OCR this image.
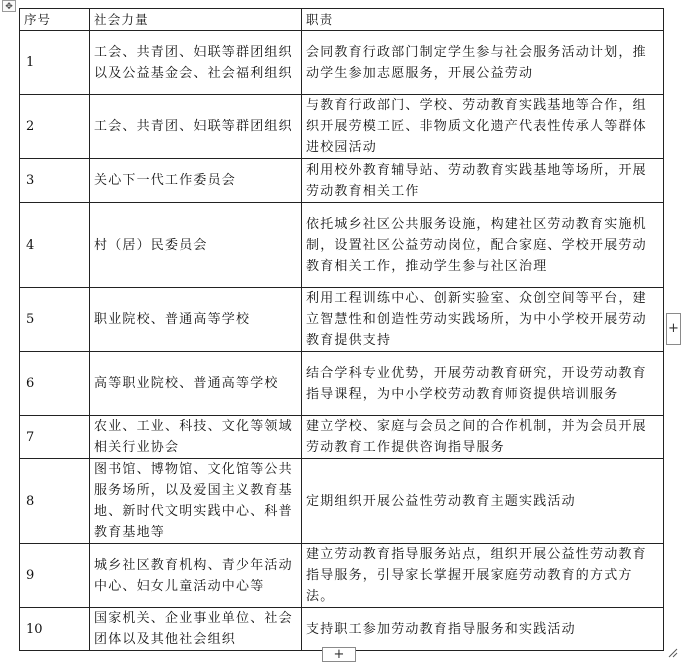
✥
序号	社会力量	职责
1	工会、共青团、妇联等群团组织以及公益基金会、社会福利组织	会同教育行政部门制定学生参与社会服务活动计划，推动学生参加志愿服务，开展公益劳动
2	工会、共青团、妇联等群团组织	与教育行政部门、学校、劳动教育实践基地等合作，组织开展劳模工匠、非物质文化遗产代表性传承人等群体进校园活动
3	关心下一代工作委员会	利用校外教育辅导站、劳动教育实践基地等场所，开展劳动教育相关工作
4	村（居）民委员会	依托城乡社区公共服务设施，构建社区劳动教育实施机制，设置社区公益劳动岗位，配合家庭、学校开展劳动教育相关工作，推动学生参与社区治理
5	职业院校、普通高等学校	利用工程训练中心、创新实验室、众创空间等平台，建立智慧性和创造性劳动实践场所，为中小学校开展劳动教育提供支持
6	高等职业院校、普通高等学校	结合学科专业优势，开展劳动教育研究，开设劳动教育指导课程，为中小学校劳动教育师资提供培训服务
7	农业、工业、科技、文化等领域相关行业协会	建立学校、家庭与会员之间的合作机制，并为会员开展劳动教育工作提供咨询指导服务
8	图书馆、博物馆、文化馆等公共服务场所，以及爱国主义教育基地、新时代文明实践中心、科普教育基地等	定期组织开展公益性劳动教育主题实践活动
9	城乡社区教育机构、青少年活动中心、妇女儿童活动中心等	建立劳动教育指导服务站点，组织开展公益性劳动教育指导服务，引导家长掌握开展家庭劳动教育的方式方法。
10	国家机关、企业事业单位、社会团体以及其他社会组织	支持职工参加劳动教育指导服务和实践活动
+
+
